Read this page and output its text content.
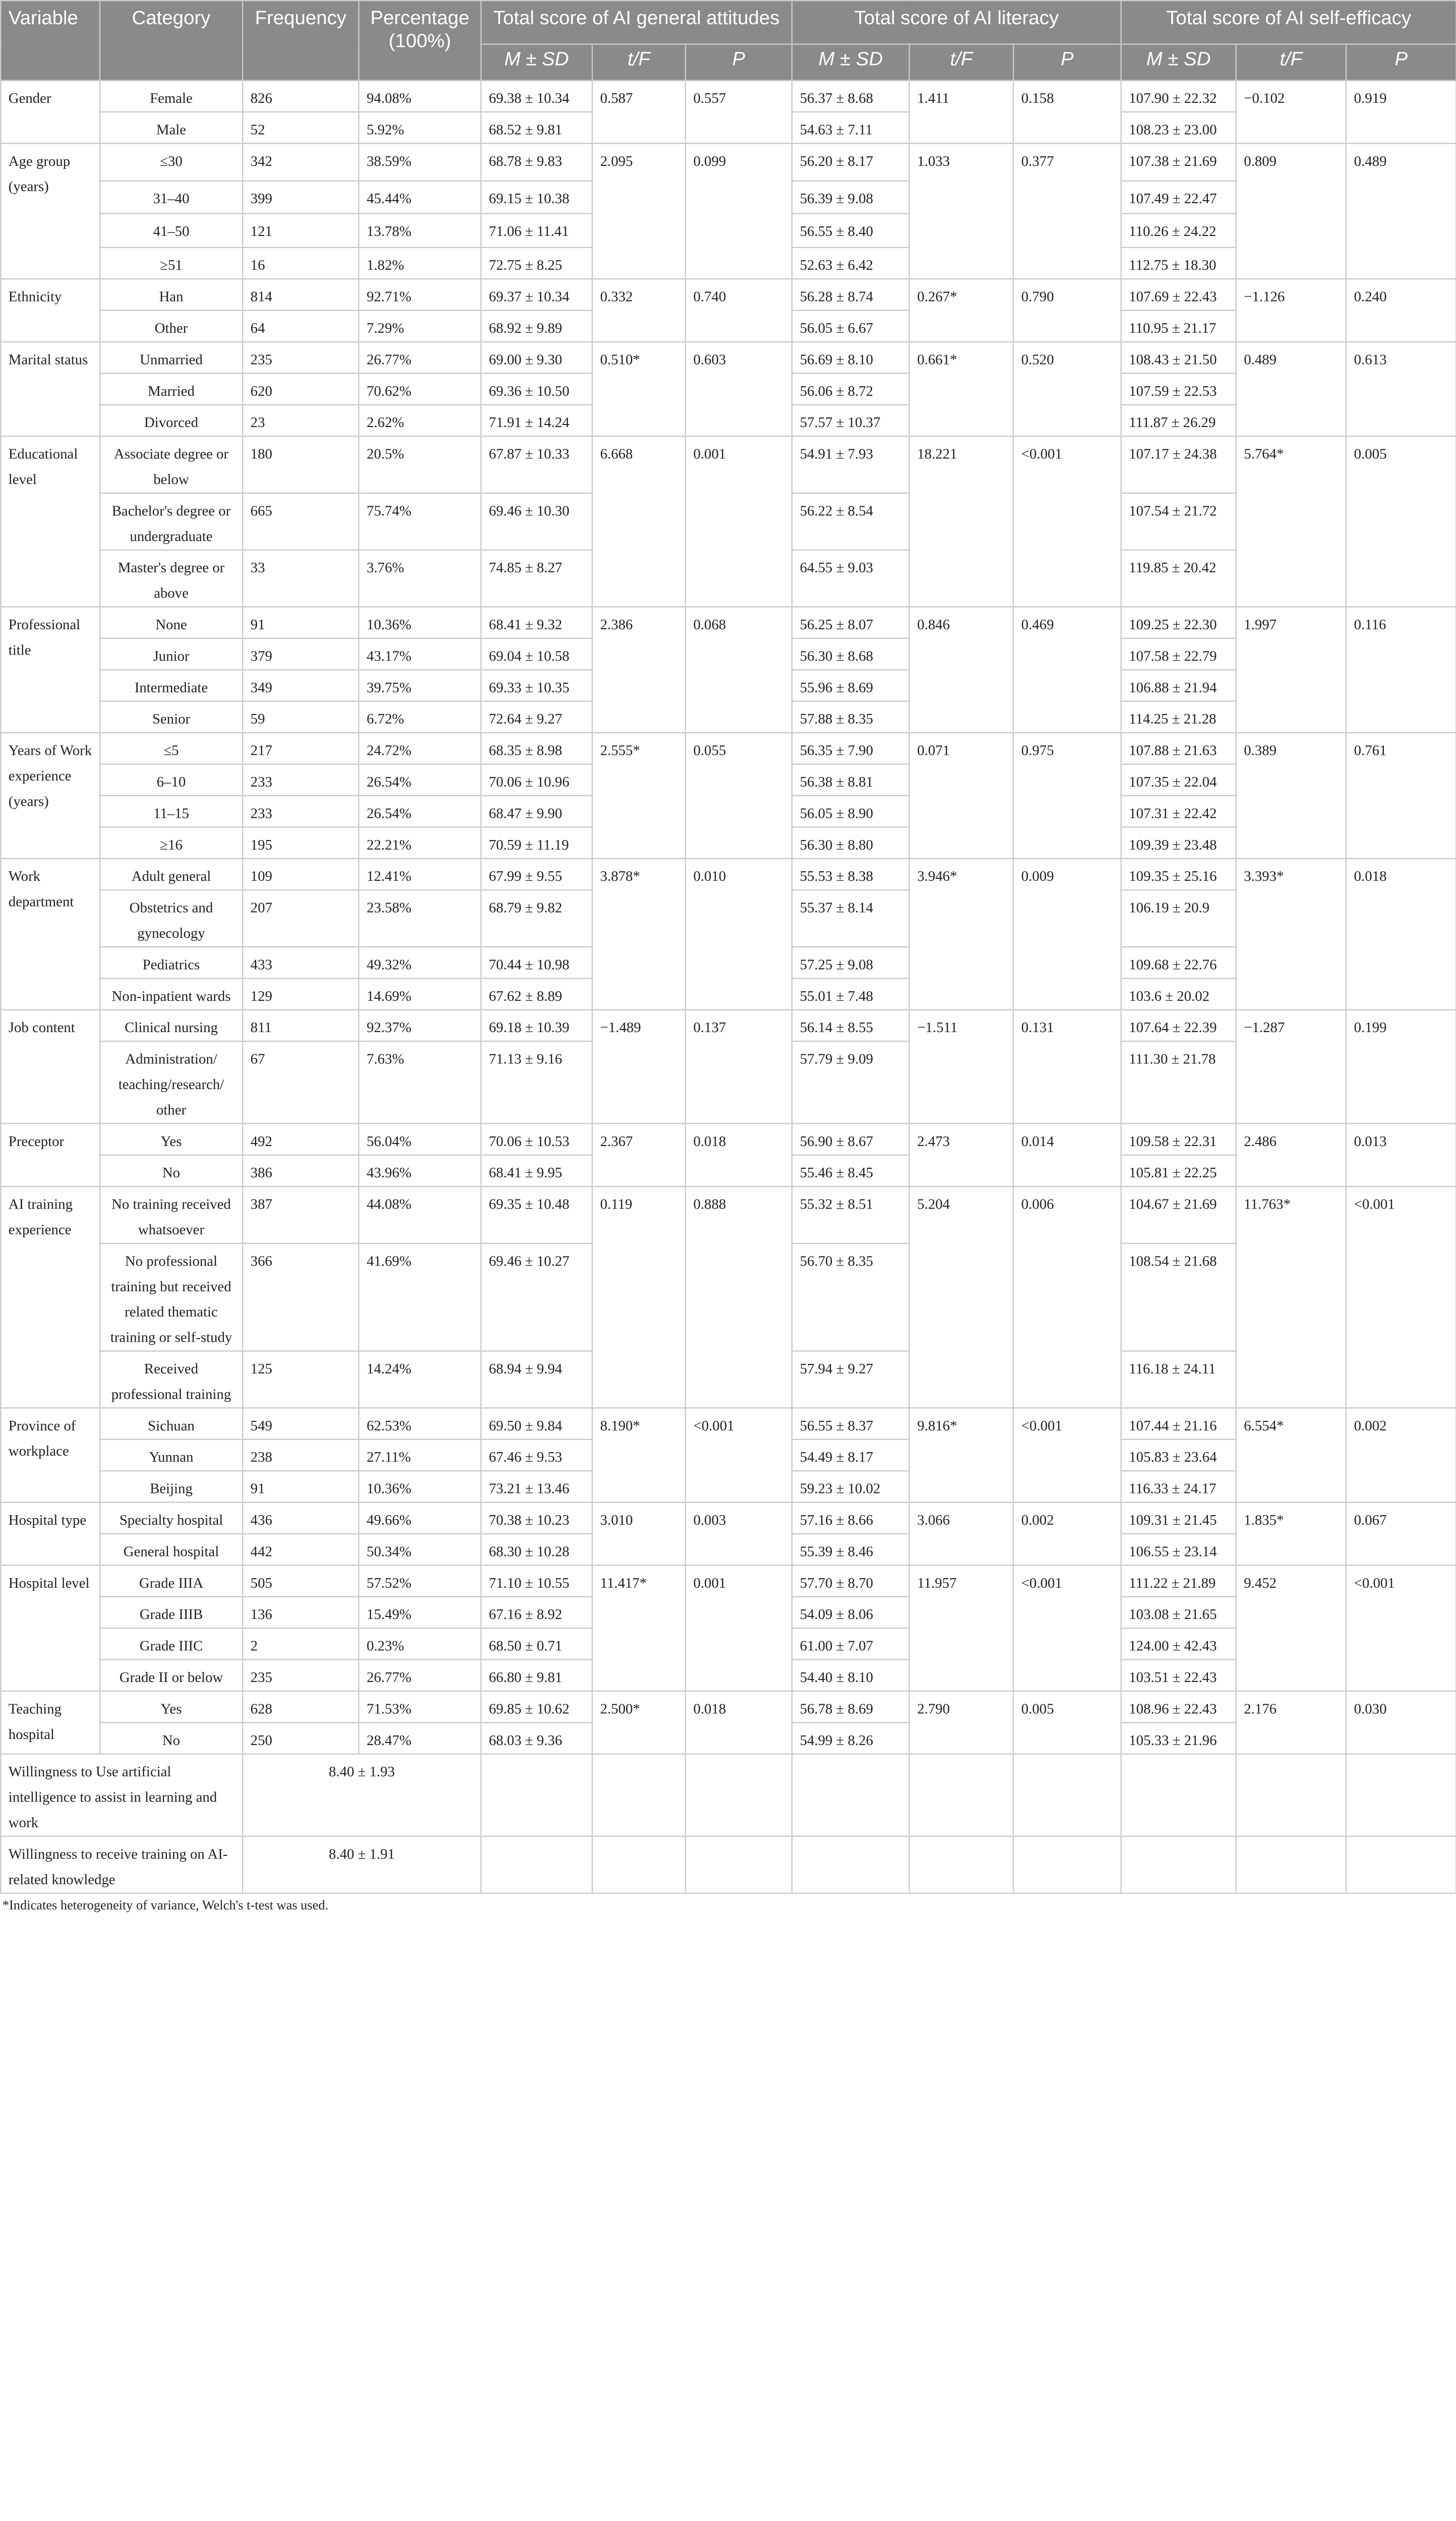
Variable	Category	Frequency	Percentage (100%)	Total score of AI general attitudes			Total score of AI literacy			Total score of AI self-efficacy		
				M ± SD	t/F	P	M ± SD	t/F	P	M ± SD	t/F	P
Gender	Female	826	94.08%	69.38 ± 10.34	0.587	0.557	56.37 ± 8.68	1.411	0.158	107.90 ± 22.32	−0.102	0.919
	Male	52	5.92%	68.52 ± 9.81			54.63 ± 7.11			108.23 ± 23.00		
Age group (years)	≤30	342	38.59%	68.78 ± 9.83	2.095	0.099	56.20 ± 8.17	1.033	0.377	107.38 ± 21.69	0.809	0.489
	31–40	399	45.44%	69.15 ± 10.38			56.39 ± 9.08			107.49 ± 22.47		
	41–50	121	13.78%	71.06 ± 11.41			56.55 ± 8.40			110.26 ± 24.22		
	≥51	16	1.82%	72.75 ± 8.25			52.63 ± 6.42			112.75 ± 18.30		
Ethnicity	Han	814	92.71%	69.37 ± 10.34	0.332	0.740	56.28 ± 8.74	0.267*	0.790	107.69 ± 22.43	−1.126	0.240
	Other	64	7.29%	68.92 ± 9.89			56.05 ± 6.67			110.95 ± 21.17		
Marital status	Unmarried	235	26.77%	69.00 ± 9.30	0.510*	0.603	56.69 ± 8.10	0.661*	0.520	108.43 ± 21.50	0.489	0.613
	Married	620	70.62%	69.36 ± 10.50			56.06 ± 8.72			107.59 ± 22.53		
	Divorced	23	2.62%	71.91 ± 14.24			57.57 ± 10.37			111.87 ± 26.29		
Educational level	Associate degree or below	180	20.5%	67.87 ± 10.33	6.668	0.001	54.91 ± 7.93	18.221	<0.001	107.17 ± 24.38	5.764*	0.005
	Bachelor's degree or undergraduate	665	75.74%	69.46 ± 10.30			56.22 ± 8.54			107.54 ± 21.72		
	Master's degree or above	33	3.76%	74.85 ± 8.27			64.55 ± 9.03			119.85 ± 20.42		
Professional title	None	91	10.36%	68.41 ± 9.32	2.386	0.068	56.25 ± 8.07	0.846	0.469	109.25 ± 22.30	1.997	0.116
	Junior	379	43.17%	69.04 ± 10.58			56.30 ± 8.68			107.58 ± 22.79		
	Intermediate	349	39.75%	69.33 ± 10.35			55.96 ± 8.69			106.88 ± 21.94		
	Senior	59	6.72%	72.64 ± 9.27			57.88 ± 8.35			114.25 ± 21.28		
Years of Work experience (years)	≤5	217	24.72%	68.35 ± 8.98	2.555*	0.055	56.35 ± 7.90	0.071	0.975	107.88 ± 21.63	0.389	0.761
	6–10	233	26.54%	70.06 ± 10.96			56.38 ± 8.81			107.35 ± 22.04		
	11–15	233	26.54%	68.47 ± 9.90			56.05 ± 8.90			107.31 ± 22.42		
	≥16	195	22.21%	70.59 ± 11.19			56.30 ± 8.80			109.39 ± 23.48		
Work department	Adult general	109	12.41%	67.99 ± 9.55	3.878*	0.010	55.53 ± 8.38	3.946*	0.009	109.35 ± 25.16	3.393*	0.018
	Obstetrics and gynecology	207	23.58%	68.79 ± 9.82			55.37 ± 8.14			106.19 ± 20.9		
	Pediatrics	433	49.32%	70.44 ± 10.98			57.25 ± 9.08			109.68 ± 22.76		
	Non-inpatient wards	129	14.69%	67.62 ± 8.89			55.01 ± 7.48			103.6 ± 20.02		
Job content	Clinical nursing	811	92.37%	69.18 ± 10.39	−1.489	0.137	56.14 ± 8.55	−1.511	0.131	107.64 ± 22.39	−1.287	0.199
	Administration/ teaching/research/ other	67	7.63%	71.13 ± 9.16			57.79 ± 9.09			111.30 ± 21.78		
Preceptor	Yes	492	56.04%	70.06 ± 10.53	2.367	0.018	56.90 ± 8.67	2.473	0.014	109.58 ± 22.31	2.486	0.013
	No	386	43.96%	68.41 ± 9.95			55.46 ± 8.45			105.81 ± 22.25		
AI training experience	No training received whatsoever	387	44.08%	69.35 ± 10.48	0.119	0.888	55.32 ± 8.51	5.204	0.006	104.67 ± 21.69	11.763*	<0.001
	No professional training but received related thematic training or self-study	366	41.69%	69.46 ± 10.27			56.70 ± 8.35			108.54 ± 21.68		
	Received professional training	125	14.24%	68.94 ± 9.94			57.94 ± 9.27			116.18 ± 24.11		
Province of workplace	Sichuan	549	62.53%	69.50 ± 9.84	8.190*	<0.001	56.55 ± 8.37	9.816*	<0.001	107.44 ± 21.16	6.554*	0.002
	Yunnan	238	27.11%	67.46 ± 9.53			54.49 ± 8.17			105.83 ± 23.64		
	Beijing	91	10.36%	73.21 ± 13.46			59.23 ± 10.02			116.33 ± 24.17		
Hospital type	Specialty hospital	436	49.66%	70.38 ± 10.23	3.010	0.003	57.16 ± 8.66	3.066	0.002	109.31 ± 21.45	1.835*	0.067
	General hospital	442	50.34%	68.30 ± 10.28			55.39 ± 8.46			106.55 ± 23.14		
Hospital level	Grade IIIA	505	57.52%	71.10 ± 10.55	11.417*	0.001	57.70 ± 8.70	11.957	<0.001	111.22 ± 21.89	9.452	<0.001
	Grade IIIB	136	15.49%	67.16 ± 8.92			54.09 ± 8.06			103.08 ± 21.65		
	Grade IIIC	2	0.23%	68.50 ± 0.71			61.00 ± 7.07			124.00 ± 42.43		
	Grade II or below	235	26.77%	66.80 ± 9.81			54.40 ± 8.10			103.51 ± 22.43		
Teaching hospital	Yes	628	71.53%	69.85 ± 10.62	2.500*	0.018	56.78 ± 8.69	2.790	0.005	108.96 ± 22.43	2.176	0.030
	No	250	28.47%	68.03 ± 9.36			54.99 ± 8.26			105.33 ± 21.96		
Willingness to Use artificial intelligence to assist in learning and work		8.40 ± 1.93										
Willingness to receive training on AI-related knowledge		8.40 ± 1.91										
*Indicates heterogeneity of variance, Welch's t-test was used.
